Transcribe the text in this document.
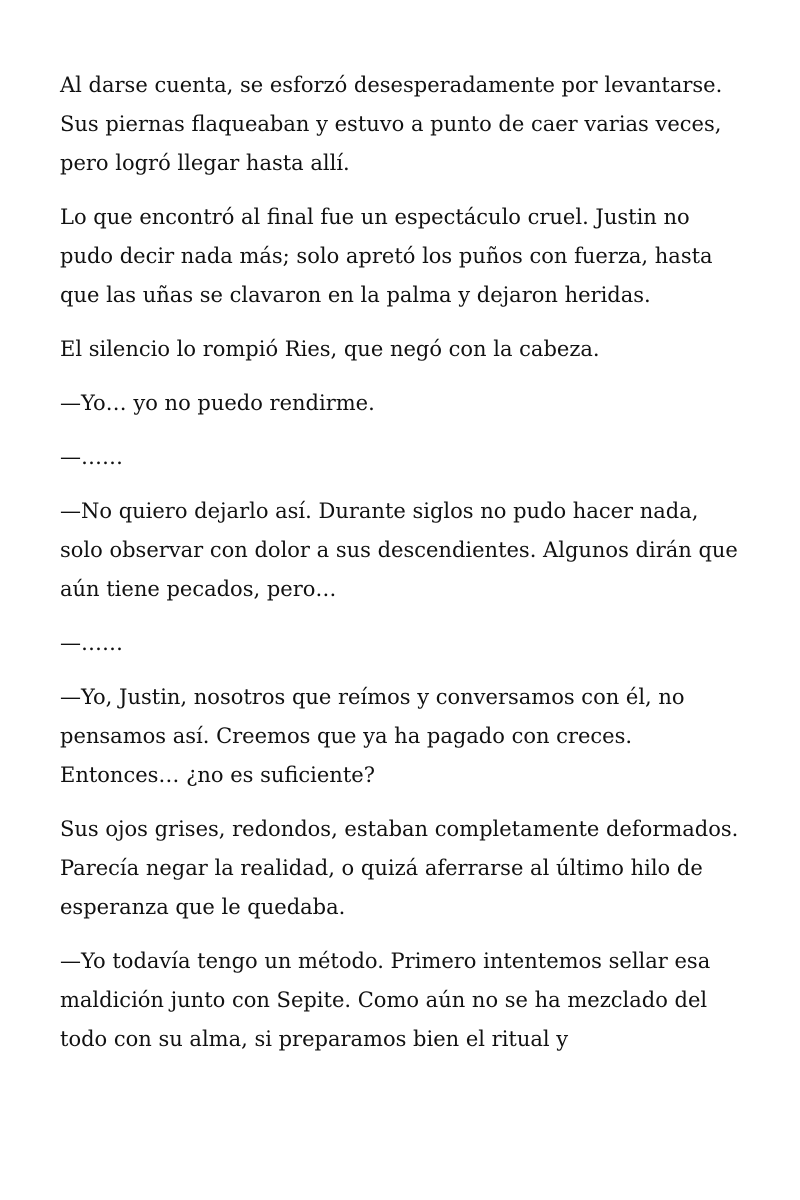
Al darse cuenta, se esforzó desesperadamente por levantarse. Sus piernas flaqueaban y estuvo a punto de caer varias veces, pero logró llegar hasta allí.

Lo que encontró al final fue un espectáculo cruel. Justin no pudo decir nada más; solo apretó los puños con fuerza, hasta que las uñas se clavaron en la palma y dejaron heridas.

El silencio lo rompió Ries, que negó con la cabeza.

—Yo… yo no puedo rendirme.

—……

—No quiero dejarlo así. Durante siglos no pudo hacer nada, solo observar con dolor a sus descendientes. Algunos dirán que aún tiene pecados, pero…

—……

—Yo, Justin, nosotros que reímos y conversamos con él, no pensamos así. Creemos que ya ha pagado con creces. Entonces… ¿no es suficiente?

Sus ojos grises, redondos, estaban completamente deformados. Parecía negar la realidad, o quizá aferrarse al último hilo de esperanza que le quedaba.

—Yo todavía tengo un método. Primero intentemos sellar esa maldición junto con Sepite. Como aún no se ha mezclado del todo con su alma, si preparamos bien el ritual y
